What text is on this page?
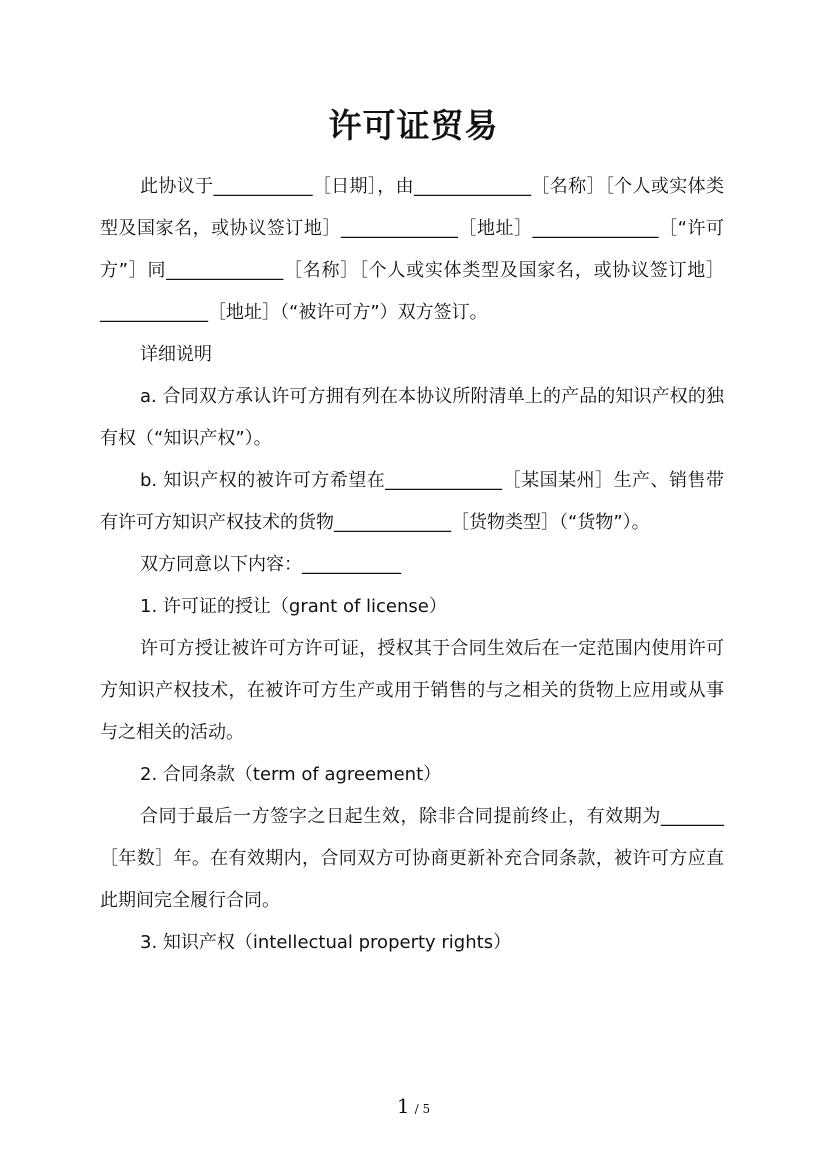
许可证贸易

此协议于___________［日期］，由_____________［名称］［个人或实体类型及国家名，或协议签订地］_____________［地址］______________［“许可方”］同_____________［名称］［个人或实体类型及国家名，或协议签订地］____________［地址］（“被许可方”）双方签订。

详细说明

a. 合同双方承认许可方拥有列在本协议所附清单上的产品的知识产权的独有权（“知识产权”）。

b. 知识产权的被许可方希望在_____________［某国某州］生产、销售带有许可方知识产权技术的货物_____________［货物类型］（“货物”）。

双方同意以下内容：___________

1. 许可证的授让（grant of license）

许可方授让被许可方许可证，授权其于合同生效后在一定范围内使用许可方知识产权技术，在被许可方生产或用于销售的与之相关的货物上应用或从事与之相关的活动。

2. 合同条款（term of agreement）

合同于最后一方签字之日起生效，除非合同提前终止，有效期为_______［年数］年。在有效期内，合同双方可协商更新补充合同条款，被许可方应直此期间完全履行合同。

3. 知识产权（intellectual property rights）

1 / 5
